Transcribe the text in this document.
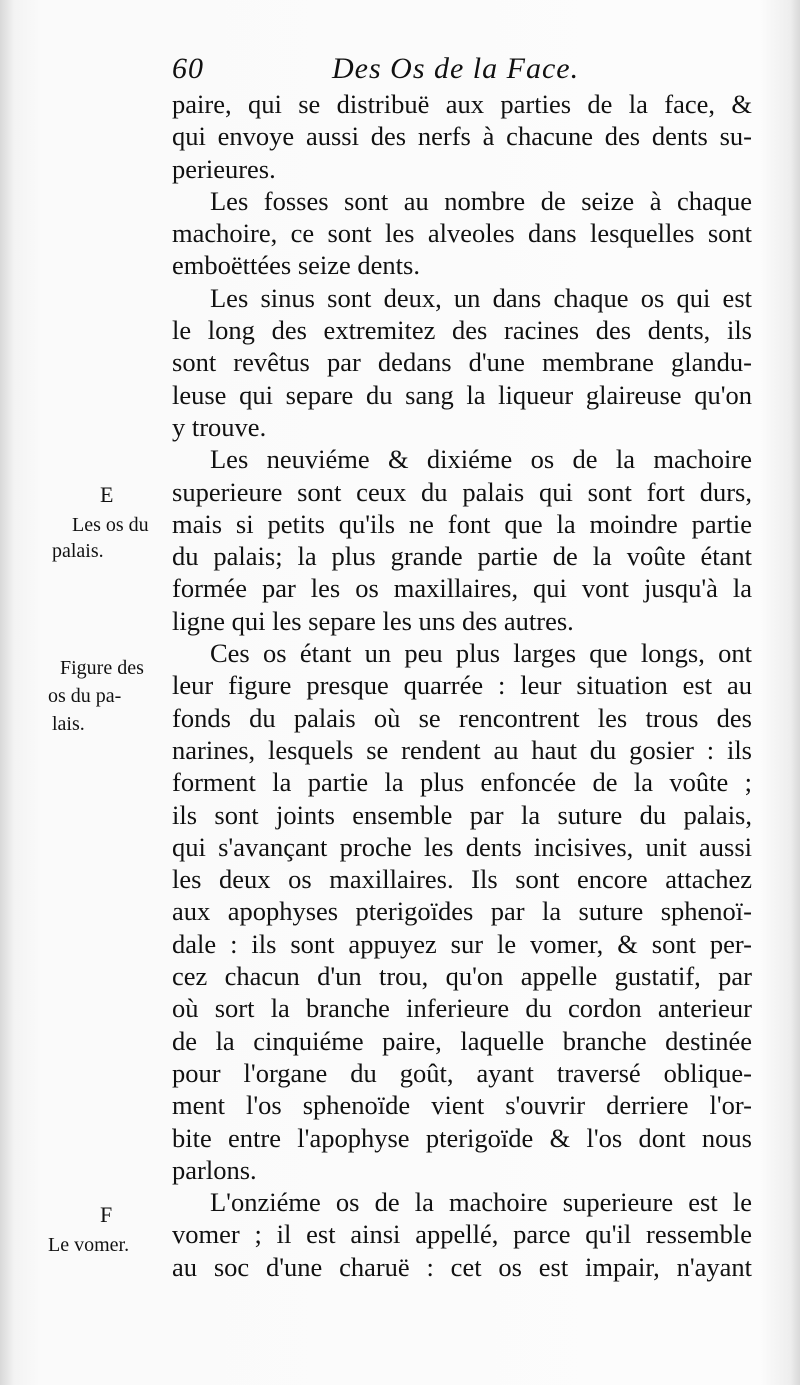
60	Des Os de la Face.
paire, qui se distribuë aux parties de la face, &
qui envoye aussi des nerfs à chacune des dents su-
perieures.
Les fosses sont au nombre de seize à chaque
machoire, ce sont les alveoles dans lesquelles sont
emboëttées seize dents.
Les sinus sont deux, un dans chaque os qui est
le long des extremitez des racines des dents, ils
sont revêtus par dedans d'une membrane glandu-
leuse qui separe du sang la liqueur glaireuse qu'on
y trouve.
Les neuviéme & dixiéme os de la machoire
superieure sont ceux du palais qui sont fort durs,
mais si petits qu'ils ne font que la moindre partie
du palais; la plus grande partie de la voûte étant
formée par les os maxillaires, qui vont jusqu'à la
ligne qui les separe les uns des autres.
Ces os étant un peu plus larges que longs, ont
leur figure presque quarrée : leur situation est au
fonds du palais où se rencontrent les trous des
narines, lesquels se rendent au haut du gosier : ils
forment la partie la plus enfoncée de la voûte ;
ils sont joints ensemble par la suture du palais,
qui s'avançant proche les dents incisives, unit aussi
les deux os maxillaires. Ils sont encore attachez
aux apophyses pterigoïdes par la suture sphenoï-
dale : ils sont appuyez sur le vomer, & sont per-
cez chacun d'un trou, qu'on appelle gustatif, par
où sort la branche inferieure du cordon anterieur
de la cinquiéme paire, laquelle branche destinée
pour l'organe du goût, ayant traversé oblique-
ment l'os sphenoïde vient s'ouvrir derriere l'or-
bite entre l'apophyse pterigoïde & l'os dont nous
parlons.
L'onziéme os de la machoire superieure est le
vomer ; il est ainsi appellé, parce qu'il ressemble
au soc d'une charuë : cet os est impair, n'ayant
E
Les os du
palais.
Figure des
os du pa-
lais.
F
Le vomer.
